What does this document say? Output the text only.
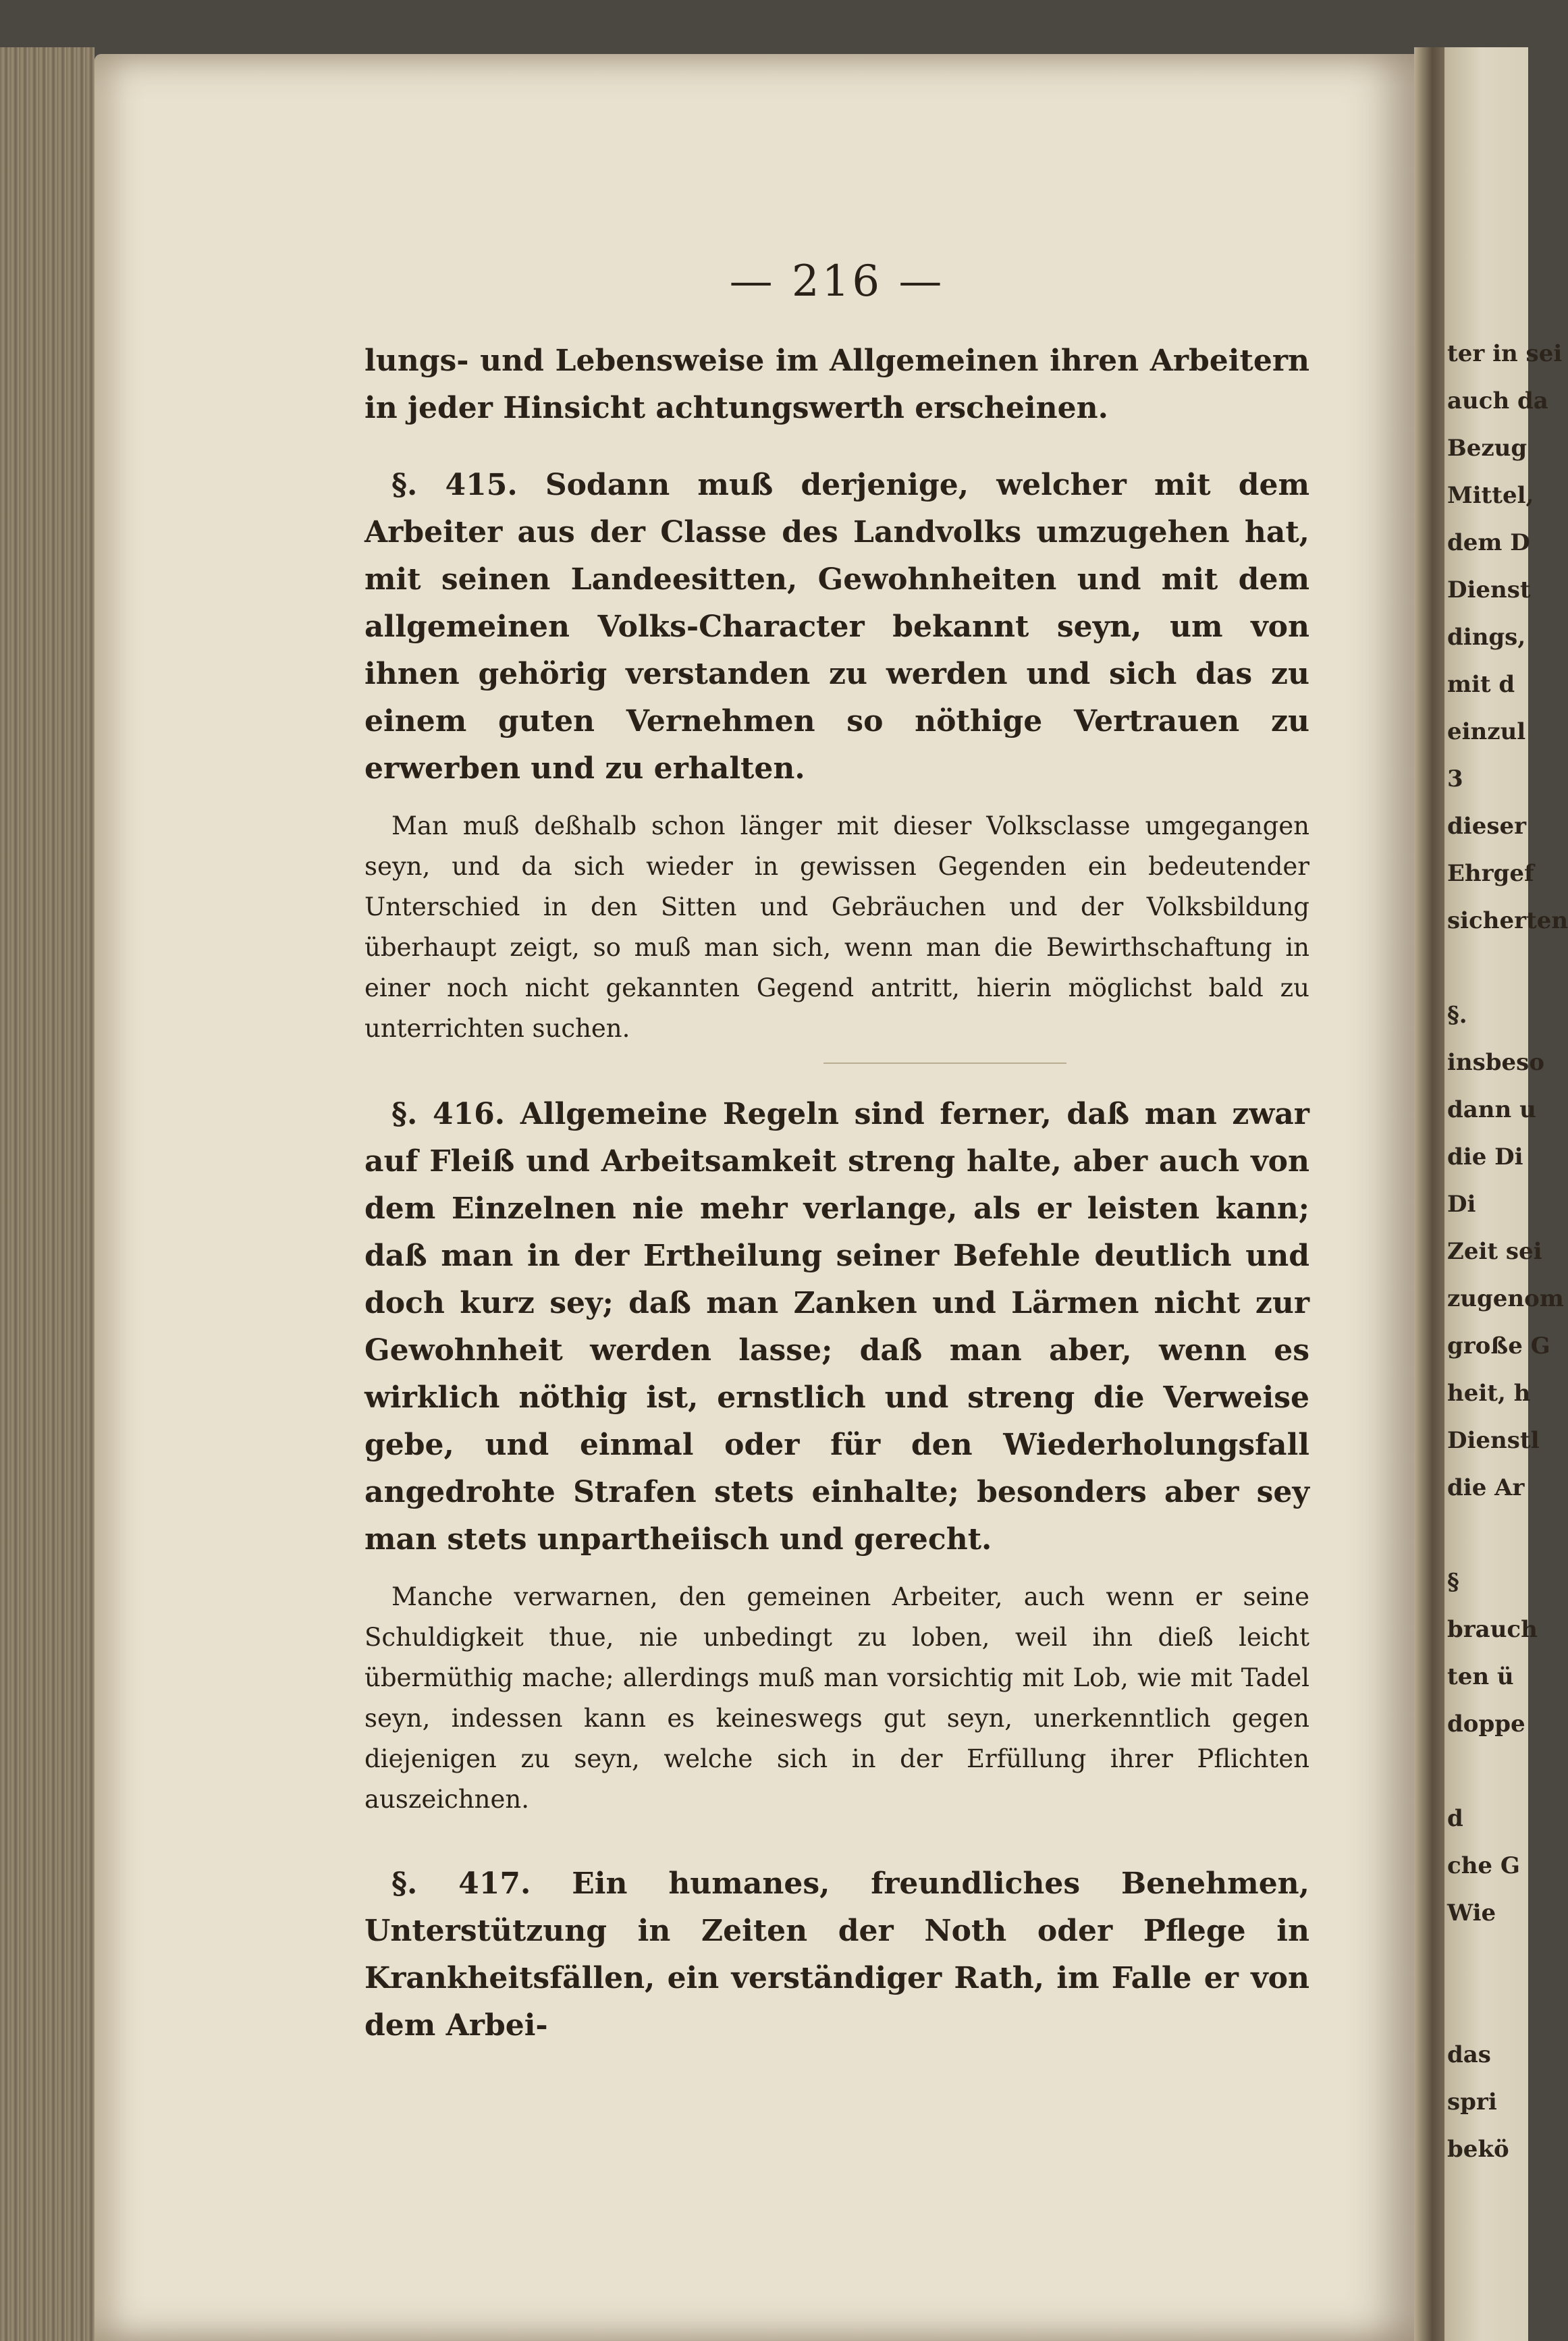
ter in sei
auch da
Bezug
Mittel,
dem D
Dienst
dings,
mit d
einzul
3
dieser
Ehrgef
sicherten
§.
insbeso
dann u
die Di
Di
Zeit sei
zugenom
große G
heit, h
Dienstl
die Ar
§
brauch
ten ü
doppe
d
che G
Wie
das
spri
bekö
— 216 —

lungs- und Lebensweise im Allgemeinen ihren Arbeitern in jeder Hinsicht achtungswerth erscheinen.

§. 415. Sodann muß derjenige, welcher mit dem Arbeiter aus der Classe des Landvolks umzugehen hat, mit seinen Landeesitten, Gewohnheiten und mit dem allgemeinen Volks-Character bekannt seyn, um von ihnen gehörig verstanden zu werden und sich das zu einem guten Vernehmen so nöthige Vertrauen zu erwerben und zu erhalten.

Man muß deßhalb schon länger mit dieser Volksclasse umgegangen seyn, und da sich wieder in gewissen Gegenden ein bedeutender Unterschied in den Sitten und Gebräuchen und der Volksbildung überhaupt zeigt, so muß man sich, wenn man die Bewirthschaftung in einer noch nicht gekannten Gegend antritt, hierin möglichst bald zu unterrichten suchen.

§. 416. Allgemeine Regeln sind ferner, daß man zwar auf Fleiß und Arbeitsamkeit streng halte, aber auch von dem Einzelnen nie mehr verlange, als er leisten kann; daß man in der Ertheilung seiner Befehle deutlich und doch kurz sey; daß man Zanken und Lärmen nicht zur Gewohnheit werden lasse; daß man aber, wenn es wirklich nöthig ist, ernstlich und streng die Verweise gebe, und einmal oder für den Wiederholungsfall angedrohte Strafen stets einhalte; besonders aber sey man stets unpartheiisch und gerecht.

Manche verwarnen, den gemeinen Arbeiter, auch wenn er seine Schuldigkeit thue, nie unbedingt zu loben, weil ihn dieß leicht übermüthig mache; allerdings muß man vorsichtig mit Lob, wie mit Tadel seyn, indessen kann es keineswegs gut seyn, unerkenntlich gegen diejenigen zu seyn, welche sich in der Erfüllung ihrer Pflichten auszeichnen.

§. 417. Ein humanes, freundliches Benehmen, Unterstützung in Zeiten der Noth oder Pflege in Krankheitsfällen, ein verständiger Rath, im Falle er von dem Arbei-
